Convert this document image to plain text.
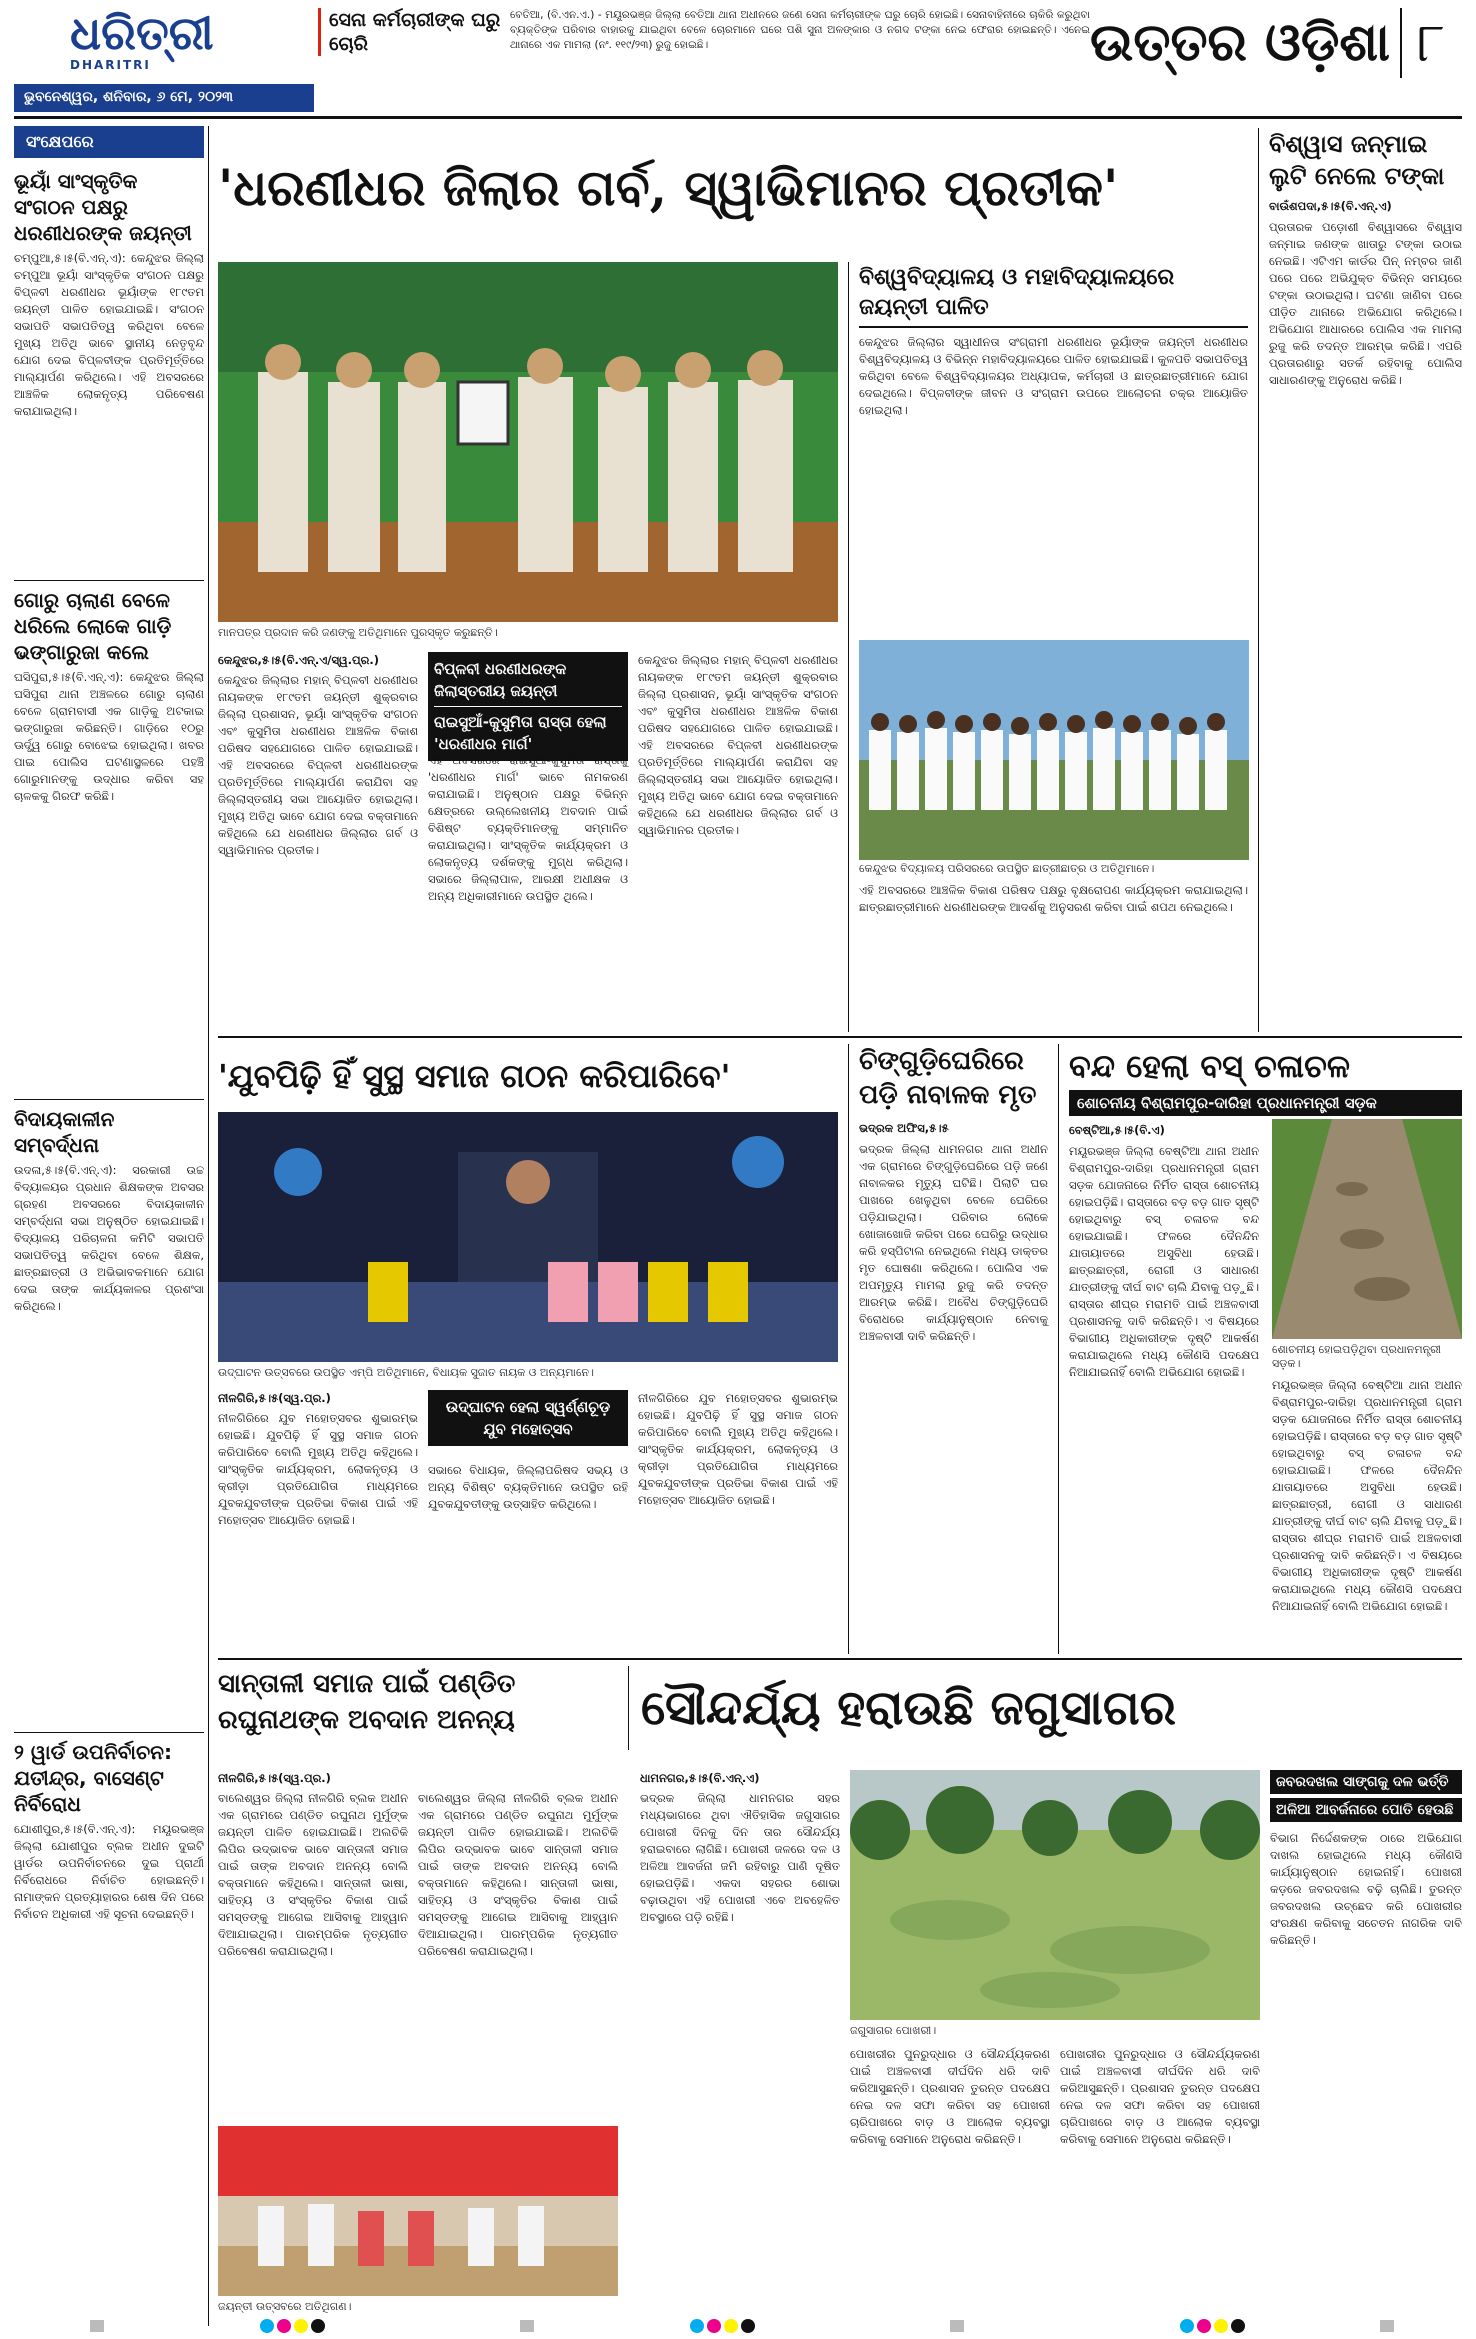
ଧରିତ୍ରୀ
DHARITRI
ଭୁବନେଶ୍ୱର, ଶନିବାର, ୬ ମେ, ୨୦୨୩
ସେନା କର୍ମଚାରୀଙ୍କ ଘରୁ ଚୋରି
ବେତିଆ, (ବି.ଏନ.ଏ.) - ମୟୂରଭଞ୍ଜ ଜିଲ୍ଲା ବେତିଆ ଥାନା ଅଧୀନରେ ଜଣେ ସେନା କର୍ମଚାରୀଙ୍କ ଘରୁ ଚୋରି ହୋଇଛି। ସେନାବାହିନୀରେ ଚାକିରି କରୁଥିବା ବ୍ୟକ୍ତିଙ୍କ ପରିବାର ବାହାରକୁ ଯାଇଥିବା ବେଳେ ଚୋରମାନେ ଘରେ ପଶି ସୁନା ଅଳଙ୍କାର ଓ ନଗଦ ଟଙ୍କା ନେଇ ଫେରାର ହୋଇଛନ୍ତି। ଏନେଇ ଥାନାରେ ଏକ ମାମଲା (ନଂ. ୧୧୯/୨୩) ରୁଜୁ ହୋଇଛି।	ଉତ୍ତର ଓଡ଼ିଶା ୮
ସଂକ୍ଷେପରେ
ଭୂୟାଁ ସାଂସ୍କୃତିକ ସଂଗଠନ ପକ୍ଷରୁ ଧରଣୀଧରଙ୍କ ଜୟନ୍ତୀ
ଚମ୍ପୁଆ,୫।୫(ବି.ଏନ୍.ଏ): କେନ୍ଦୁଝର ଜିଲ୍ଲା ଚମ୍ପୁଆ ଭୂୟାଁ ସାଂସ୍କୃତିକ ସଂଗଠନ ପକ୍ଷରୁ ବିପ୍ଳବୀ ଧରଣୀଧର ଭୂୟାଁଙ୍କ ୧୮୯ତମ ଜୟନ୍ତୀ ପାଳିତ ହୋଇଯାଇଛି। ସଂଗଠନ ସଭାପତି ସଭାପତିତ୍ୱ କରିଥିବା ବେଳେ ମୁଖ୍ୟ ଅତିଥି ଭାବେ ସ୍ଥାନୀୟ ନେତୃବୃନ୍ଦ ଯୋଗ ଦେଇ ବିପ୍ଳବୀଙ୍କ ପ୍ରତିମୂର୍ତ୍ତିରେ ମାଲ୍ୟାର୍ପଣ କରିଥିଲେ। ଏହି ଅବସରରେ ଆଞ୍ଚଳିକ ଲୋକନୃତ୍ୟ ପରିବେଷଣ କରାଯାଇଥିଲା।
ଗୋରୁ ଚାଲାଣ ବେଳେ ଧରିଲେ ଲୋକେ ଗାଡ଼ି ଭଙ୍ଗାରୁଜା କଲେ
ଘସିପୁରା,୫।୫(ବି.ଏନ୍.ଏ): କେନ୍ଦୁଝର ଜିଲ୍ଲା ଘସିପୁରା ଥାନା ଅଞ୍ଚଳରେ ଗୋରୁ ଚାଲାଣ ବେଳେ ଗ୍ରାମବାସୀ ଏକ ଗାଡ଼ିକୁ ଅଟକାଇ ଭଙ୍ଗାରୁଜା କରିଛନ୍ତି। ଗାଡ଼ିରେ ୧୦ରୁ ଊର୍ଦ୍ଧ୍ୱ ଗୋରୁ ବୋଝେଇ ହୋଇଥିଲା। ଖବର ପାଇ ପୋଲିସ ଘଟଣାସ୍ଥଳରେ ପହଞ୍ଚି ଗୋରୁମାନଙ୍କୁ ଉଦ୍ଧାର କରିବା ସହ ଚାଳକକୁ ଗିରଫ କରିଛି।
ବିଦାୟକାଳୀନ ସମ୍ବର୍ଦ୍ଧନା
ଉଦଳା,୫।୫(ବି.ଏନ୍.ଏ): ସରକାରୀ ଉଚ୍ଚ ବିଦ୍ୟାଳୟର ପ୍ରଧାନ ଶିକ୍ଷକଙ୍କ ଅବସର ଗ୍ରହଣ ଅବସରରେ ବିଦାୟକାଳୀନ ସମ୍ବର୍ଦ୍ଧନା ସଭା ଅନୁଷ୍ଠିତ ହୋଇଯାଇଛି। ବିଦ୍ୟାଳୟ ପରିଚାଳନା କମିଟି ସଭାପତି ସଭାପତିତ୍ୱ କରିଥିବା ବେଳେ ଶିକ୍ଷକ, ଛାତ୍ରଛାତ୍ରୀ ଓ ଅଭିଭାବକମାନେ ଯୋଗ ଦେଇ ତାଙ୍କ କାର୍ଯ୍ୟକାଳର ପ୍ରଶଂସା କରିଥିଲେ।
୨ ୱାର୍ଡ ଉପନିର୍ବାଚନ: ଯତୀନ୍ଦ୍ର, ବାସେଣ୍ଟ ନିର୍ବିରୋଧ
ଯୋଶୀପୁର,୫।୫(ବି.ଏନ୍.ଏ): ମୟୂରଭଞ୍ଜ ଜିଲ୍ଲା ଯୋଶୀପୁର ବ୍ଲକ ଅଧୀନ ଦୁଇଟି ୱାର୍ଡର ଉପନିର୍ବାଚନରେ ଦୁଇ ପ୍ରାର୍ଥୀ ନିର୍ବିରୋଧରେ ନିର୍ବାଚିତ ହୋଇଛନ୍ତି। ନାମାଙ୍କନ ପ୍ରତ୍ୟାହାରର ଶେଷ ଦିନ ପରେ ନିର୍ବାଚନ ଅଧିକାରୀ ଏହି ସୂଚନା ଦେଇଛନ୍ତି।
'ଧରଣୀଧର ଜିଲାର ଗର୍ବ, ସ୍ୱାଭିମାନର ପ୍ରତୀକ'
ମାନପତ୍ର ପ୍ରଦାନ କରି ଜଣଙ୍କୁ ଅତିଥିମାନେ ପୁରସ୍କୃତ କରୁଛନ୍ତି।
କେନ୍ଦୁଝର,୫।୫(ବି.ଏନ୍.ଏ/ସ୍ୱ.ପ୍ର.)
କେନ୍ଦୁଝର ଜିଲ୍ଲାର ମହାନ୍ ବିପ୍ଳବୀ ଧରଣୀଧର ନାୟକଙ୍କ ୧୮୯ତମ ଜୟନ୍ତୀ ଶୁକ୍ରବାର ଜିଲ୍ଲା ପ୍ରଶାସନ, ଭୂୟାଁ ସାଂସ୍କୃତିକ ସଂଗଠନ ଏବଂ କୁସୁମିତା ଧରଣୀଧର ଆଞ୍ଚଳିକ ବିକାଶ ପରିଷଦ ସହଯୋଗରେ ପାଳିତ ହୋଇଯାଇଛି। ଏହି ଅବସରରେ ବିପ୍ଳବୀ ଧରଣୀଧରଙ୍କ ପ୍ରତିମୂର୍ତ୍ତିରେ ମାଲ୍ୟାର୍ପଣ କରାଯିବା ସହ ଜିଲ୍ଲାସ୍ତରୀୟ ସଭା ଆୟୋଜିତ ହୋଇଥିଲା। ମୁଖ୍ୟ ଅତିଥି ଭାବେ ଯୋଗ ଦେଇ ବକ୍ତାମାନେ କହିଥିଲେ ଯେ ଧରଣୀଧର ଜିଲ୍ଲାର ଗର୍ବ ଓ ସ୍ୱାଭିମାନର ପ୍ରତୀକ।
ବିପ୍ଳବୀ ଧରଣୀଧରଙ୍କ ଜିଲାସ୍ତରୀୟ ଜୟନ୍ତୀ
ରାଇସୁଆଁ-କୁସୁମିତା ରାସ୍ତା ହେଲା 'ଧରଣୀଧର ମାର୍ଗ'
ଏହି ଅବସରରେ ରାଇସୁଆଁ-କୁସୁମିତା ରାସ୍ତାକୁ 'ଧରଣୀଧର ମାର୍ଗ' ଭାବେ ନାମକରଣ କରାଯାଇଛି। ଅନୁଷ୍ଠାନ ପକ୍ଷରୁ ବିଭିନ୍ନ କ୍ଷେତ୍ରରେ ଉଲ୍ଲେଖନୀୟ ଅବଦାନ ପାଇଁ ବିଶିଷ୍ଟ ବ୍ୟକ୍ତିମାନଙ୍କୁ ସମ୍ମାନିତ କରାଯାଇଥିଲା। ସାଂସ୍କୃତିକ କାର୍ଯ୍ୟକ୍ରମ ଓ ଲୋକନୃତ୍ୟ ଦର୍ଶକଙ୍କୁ ମୁଗ୍ଧ କରିଥିଲା। ସଭାରେ ଜିଲ୍ଲାପାଳ, ଆରକ୍ଷୀ ଅଧୀକ୍ଷକ ଓ ଅନ୍ୟ ଅଧିକାରୀମାନେ ଉପସ୍ଥିତ ଥିଲେ।
କେନ୍ଦୁଝର ଜିଲ୍ଲାର ମହାନ୍ ବିପ୍ଳବୀ ଧରଣୀଧର ନାୟକଙ୍କ ୧୮୯ତମ ଜୟନ୍ତୀ ଶୁକ୍ରବାର ଜିଲ୍ଲା ପ୍ରଶାସନ, ଭୂୟାଁ ସାଂସ୍କୃତିକ ସଂଗଠନ ଏବଂ କୁସୁମିତା ଧରଣୀଧର ଆଞ୍ଚଳିକ ବିକାଶ ପରିଷଦ ସହଯୋଗରେ ପାଳିତ ହୋଇଯାଇଛି। ଏହି ଅବସରରେ ବିପ୍ଳବୀ ଧରଣୀଧରଙ୍କ ପ୍ରତିମୂର୍ତ୍ତିରେ ମାଲ୍ୟାର୍ପଣ କରାଯିବା ସହ ଜିଲ୍ଲାସ୍ତରୀୟ ସଭା ଆୟୋଜିତ ହୋଇଥିଲା। ମୁଖ୍ୟ ଅତିଥି ଭାବେ ଯୋଗ ଦେଇ ବକ୍ତାମାନେ କହିଥିଲେ ଯେ ଧରଣୀଧର ଜିଲ୍ଲାର ଗର୍ବ ଓ ସ୍ୱାଭିମାନର ପ୍ରତୀକ।
ବିଶ୍ୱବିଦ୍ୟାଳୟ ଓ ମହାବିଦ୍ୟାଳୟରେ ଜୟନ୍ତୀ ପାଳିତ
କେନ୍ଦୁଝର ଜିଲ୍ଲାର ସ୍ୱାଧୀନତା ସଂଗ୍ରାମୀ ଧରଣୀଧର ଭୂୟାଁଙ୍କ ଜୟନ୍ତୀ ଧରଣୀଧର ବିଶ୍ୱବିଦ୍ୟାଳୟ ଓ ବିଭିନ୍ନ ମହାବିଦ୍ୟାଳୟରେ ପାଳିତ ହୋଇଯାଇଛି। କୁଳପତି ସଭାପତିତ୍ୱ କରିଥିବା ବେଳେ ବିଶ୍ୱବିଦ୍ୟାଳୟର ଅଧ୍ୟାପକ, କର୍ମଚାରୀ ଓ ଛାତ୍ରଛାତ୍ରୀମାନେ ଯୋଗ ଦେଇଥିଲେ। ବିପ୍ଳବୀଙ୍କ ଜୀବନ ଓ ସଂଗ୍ରାମ ଉପରେ ଆଲୋଚନା ଚକ୍ର ଆୟୋଜିତ ହୋଇଥିଲା।
କେନ୍ଦୁଝର ବିଦ୍ୟାଳୟ ପରିସରରେ ଉପସ୍ଥିତ ଛାତ୍ରୀଛାତ୍ର ଓ ଅତିଥିମାନେ।
ଏହି ଅବସରରେ ଆଞ୍ଚଳିକ ବିକାଶ ପରିଷଦ ପକ୍ଷରୁ ବୃକ୍ଷରୋପଣ କାର୍ଯ୍ୟକ୍ରମ କରାଯାଇଥିଲା। ଛାତ୍ରଛାତ୍ରୀମାନେ ଧରଣୀଧରଙ୍କ ଆଦର୍ଶକୁ ଅନୁସରଣ କରିବା ପାଇଁ ଶପଥ ନେଇଥିଲେ।
ବିଶ୍ୱାସ ଜନ୍ମାଇ ଲୁଟି ନେଲେ ଟଙ୍କା
ବାଉଁଶପଦା,୫।୫(ବି.ଏନ୍.ଏ)
ପ୍ରତାରକ ପଡ଼ୋଶୀ ବିଶ୍ୱାସରେ ବିଶ୍ୱାସ ଜନ୍ମାଇ ଜଣଙ୍କ ଖାତାରୁ ଟଙ୍କା ଉଠାଇ ନେଇଛି। ଏଟିଏମ କାର୍ଡର ପିନ୍ ନମ୍ବର ଜାଣି ପରେ ପରେ ଅଭିଯୁକ୍ତ ବିଭିନ୍ନ ସମୟରେ ଟଙ୍କା ଉଠାଇଥିଲା। ଘଟଣା ଜାଣିବା ପରେ ପୀଡ଼ିତ ଥାନାରେ ଅଭିଯୋଗ କରିଥିଲେ। ଅଭିଯୋଗ ଆଧାରରେ ପୋଲିସ ଏକ ମାମଲା ରୁଜୁ କରି ତଦନ୍ତ ଆରମ୍ଭ କରିଛି। ଏପରି ପ୍ରତାରଣାରୁ ସତର୍କ ରହିବାକୁ ପୋଲିସ ସାଧାରଣଙ୍କୁ ଅନୁରୋଧ କରିଛି।
'ଯୁବପିଢ଼ି ହିଁ ସୁସ୍ଥ ସମାଜ ଗଠନ କରିପାରିବେ'
ଉଦ୍‌ଘାଟନ ଉତ୍ସବରେ ଉପସ୍ଥିତ ଏମ୍‌ପି ଅତିଥିମାନେ, ବିଧାୟକ ସୁଜାତ ନାୟକ ଓ ଅନ୍ୟମାନେ।
ନୀଳଗିରି,୫।୫(ସ୍ୱ.ପ୍ର.)
ନୀଳଗିରିରେ ଯୁବ ମହୋତ୍ସବର ଶୁଭାରମ୍ଭ ହୋଇଛି। ଯୁବପିଢ଼ି ହିଁ ସୁସ୍ଥ ସମାଜ ଗଠନ କରିପାରିବେ ବୋଲି ମୁଖ୍ୟ ଅତିଥି କହିଥିଲେ। ସାଂସ୍କୃତିକ କାର୍ଯ୍ୟକ୍ରମ, ଲୋକନୃତ୍ୟ ଓ କ୍ରୀଡ଼ା ପ୍ରତିଯୋଗିତା ମାଧ୍ୟମରେ ଯୁବକଯୁବତୀଙ୍କ ପ୍ରତିଭା ବିକାଶ ପାଇଁ ଏହି ମହୋତ୍ସବ ଆୟୋଜିତ ହୋଇଛି।
ଉଦ୍‌ଘାଟନ ହେଲା ସ୍ୱର୍ଣ୍ଣଚୂଡ଼
ଯୁବ ମହୋତ୍ସବ
ସଭାରେ ବିଧାୟକ, ଜିଲ୍ଲାପରିଷଦ ସଭ୍ୟ ଓ ଅନ୍ୟ ବିଶିଷ୍ଟ ବ୍ୟକ୍ତିମାନେ ଉପସ୍ଥିତ ରହି ଯୁବକଯୁବତୀଙ୍କୁ ଉତ୍ସାହିତ କରିଥିଲେ।
ନୀଳଗିରିରେ ଯୁବ ମହୋତ୍ସବର ଶୁଭାରମ୍ଭ ହୋଇଛି। ଯୁବପିଢ଼ି ହିଁ ସୁସ୍ଥ ସମାଜ ଗଠନ କରିପାରିବେ ବୋଲି ମୁଖ୍ୟ ଅତିଥି କହିଥିଲେ। ସାଂସ୍କୃତିକ କାର୍ଯ୍ୟକ୍ରମ, ଲୋକନୃତ୍ୟ ଓ କ୍ରୀଡ଼ା ପ୍ରତିଯୋଗିତା ମାଧ୍ୟମରେ ଯୁବକଯୁବତୀଙ୍କ ପ୍ରତିଭା ବିକାଶ ପାଇଁ ଏହି ମହୋତ୍ସବ ଆୟୋଜିତ ହୋଇଛି।
ଚିଙ୍ଗୁଡ଼ିଘେରିରେ ପଡ଼ି ନାବାଳକ ମୃତ
ଭଦ୍ରକ ଅଫିସ,୫।୫
ଭଦ୍ରକ ଜିଲ୍ଲା ଧାମନଗର ଥାନା ଅଧୀନ ଏକ ଗ୍ରାମରେ ଚିଙ୍ଗୁଡ଼ିଘେରିରେ ପଡ଼ି ଜଣେ ନାବାଳକର ମୃତ୍ୟୁ ଘଟିଛି। ପିଲାଟି ଘର ପାଖରେ ଖେଳୁଥିବା ବେଳେ ଘେରିରେ ପଡ଼ିଯାଇଥିଲା। ପରିବାର ଲୋକେ ଖୋଜାଖୋଜି କରିବା ପରେ ଘେରିରୁ ଉଦ୍ଧାର କରି ହସ୍ପିଟାଲ ନେଇଥିଲେ ମଧ୍ୟ ଡାକ୍ତର ମୃତ ଘୋଷଣା କରିଥିଲେ। ପୋଲିସ ଏକ ଅପମୃତ୍ୟୁ ମାମଲା ରୁଜୁ କରି ତଦନ୍ତ ଆରମ୍ଭ କରିଛି। ଅବୈଧ ଚିଙ୍ଗୁଡ଼ିଘେରି ବିରୋଧରେ କାର୍ଯ୍ୟାନୁଷ୍ଠାନ ନେବାକୁ ଅଞ୍ଚଳବାସୀ ଦାବି କରିଛନ୍ତି।
ବନ୍ଦ ହେଲା ବସ୍ ଚଳାଚଳ
ଶୋଚନୀୟ ବିଶ୍ରାମପୁର-ଦାରିହା ପ୍ରଧାନମନ୍ତ୍ରୀ ସଡ଼କ
ବେଷ୍ଟିଆ,୫।୫(ବି.ଏ)
ମୟୂରଭଞ୍ଜ ଜିଲ୍ଲା ବେଷ୍ଟିଆ ଥାନା ଅଧୀନ ବିଶ୍ରାମପୁର-ଦାରିହା ପ୍ରଧାନମନ୍ତ୍ରୀ ଗ୍ରାମ ସଡ଼କ ଯୋଜନାରେ ନିର୍ମିତ ରାସ୍ତା ଶୋଚନୀୟ ହୋଇପଡ଼ିଛି। ରାସ୍ତାରେ ବଡ଼ ବଡ଼ ଗାତ ସୃଷ୍ଟି ହୋଇଥିବାରୁ ବସ୍ ଚଳାଚଳ ବନ୍ଦ ହୋଇଯାଇଛି। ଫଳରେ ଦୈନନ୍ଦିନ ଯାତାୟାତରେ ଅସୁବିଧା ହେଉଛି। ଛାତ୍ରଛାତ୍ରୀ, ରୋଗୀ ଓ ସାଧାରଣ ଯାତ୍ରୀଙ୍କୁ ଦୀର୍ଘ ବାଟ ଚାଲି ଯିବାକୁ ପଡ଼ୁଛି। ରାସ୍ତାର ଶୀଘ୍ର ମରାମତି ପାଇଁ ଅଞ୍ଚଳବାସୀ ପ୍ରଶାସନକୁ ଦାବି କରିଛନ୍ତି। ଏ ବିଷୟରେ ବିଭାଗୀୟ ଅଧିକାରୀଙ୍କ ଦୃଷ୍ଟି ଆକର୍ଷଣ କରାଯାଇଥିଲେ ମଧ୍ୟ କୌଣସି ପଦକ୍ଷେପ ନିଆଯାଇନାହିଁ ବୋଲି ଅଭିଯୋଗ ହୋଇଛି।
ଶୋଚନୀୟ ହୋଇପଡ଼ିଥିବା ପ୍ରଧାନମନ୍ତ୍ରୀ ସଡ଼କ।
ମୟୂରଭଞ୍ଜ ଜିଲ୍ଲା ବେଷ୍ଟିଆ ଥାନା ଅଧୀନ ବିଶ୍ରାମପୁର-ଦାରିହା ପ୍ରଧାନମନ୍ତ୍ରୀ ଗ୍ରାମ ସଡ଼କ ଯୋଜନାରେ ନିର୍ମିତ ରାସ୍ତା ଶୋଚନୀୟ ହୋଇପଡ଼ିଛି। ରାସ୍ତାରେ ବଡ଼ ବଡ଼ ଗାତ ସୃଷ୍ଟି ହୋଇଥିବାରୁ ବସ୍ ଚଳାଚଳ ବନ୍ଦ ହୋଇଯାଇଛି। ଫଳରେ ଦୈନନ୍ଦିନ ଯାତାୟାତରେ ଅସୁବିଧା ହେଉଛି। ଛାତ୍ରଛାତ୍ରୀ, ରୋଗୀ ଓ ସାଧାରଣ ଯାତ୍ରୀଙ୍କୁ ଦୀର୍ଘ ବାଟ ଚାଲି ଯିବାକୁ ପଡ଼ୁଛି। ରାସ୍ତାର ଶୀଘ୍ର ମରାମତି ପାଇଁ ଅଞ୍ଚଳବାସୀ ପ୍ରଶାସନକୁ ଦାବି କରିଛନ୍ତି। ଏ ବିଷୟରେ ବିଭାଗୀୟ ଅଧିକାରୀଙ୍କ ଦୃଷ୍ଟି ଆକର୍ଷଣ କରାଯାଇଥିଲେ ମଧ୍ୟ କୌଣସି ପଦକ୍ଷେପ ନିଆଯାଇନାହିଁ ବୋଲି ଅଭିଯୋଗ ହୋଇଛି।
ସାନ୍ତାଳୀ ସମାଜ ପାଇଁ ପଣ୍ଡିତ ରଘୁନାଥଙ୍କ ଅବଦାନ ଅନନ୍ୟ
ନୀଳଗିରି,୫।୫(ସ୍ୱ.ପ୍ର.)
ବାଲେଶ୍ୱର ଜିଲ୍ଲା ନୀଳଗିରି ବ୍ଲକ ଅଧୀନ ଏକ ଗ୍ରାମରେ ପଣ୍ଡିତ ରଘୁନାଥ ମୁର୍ମୁଙ୍କ ଜୟନ୍ତୀ ପାଳିତ ହୋଇଯାଇଛି। ଅଲଚିକି ଲିପିର ଉଦ୍ଭାବକ ଭାବେ ସାନ୍ତାଳୀ ସମାଜ ପାଇଁ ତାଙ୍କ ଅବଦାନ ଅନନ୍ୟ ବୋଲି ବକ୍ତାମାନେ କହିଥିଲେ। ସାନ୍ତାଳୀ ଭାଷା, ସାହିତ୍ୟ ଓ ସଂସ୍କୃତିର ବିକାଶ ପାଇଁ ସମସ୍ତଙ୍କୁ ଆଗେଇ ଆସିବାକୁ ଆହ୍ୱାନ ଦିଆଯାଇଥିଲା। ପାରମ୍ପରିକ ନୃତ୍ୟଗୀତ ପରିବେଷଣ କରାଯାଇଥିଲା।
ବାଲେଶ୍ୱର ଜିଲ୍ଲା ନୀଳଗିରି ବ୍ଲକ ଅଧୀନ ଏକ ଗ୍ରାମରେ ପଣ୍ଡିତ ରଘୁନାଥ ମୁର୍ମୁଙ୍କ ଜୟନ୍ତୀ ପାଳିତ ହୋଇଯାଇଛି। ଅଲଚିକି ଲିପିର ଉଦ୍ଭାବକ ଭାବେ ସାନ୍ତାଳୀ ସମାଜ ପାଇଁ ତାଙ୍କ ଅବଦାନ ଅନନ୍ୟ ବୋଲି ବକ୍ତାମାନେ କହିଥିଲେ। ସାନ୍ତାଳୀ ଭାଷା, ସାହିତ୍ୟ ଓ ସଂସ୍କୃତିର ବିକାଶ ପାଇଁ ସମସ୍ତଙ୍କୁ ଆଗେଇ ଆସିବାକୁ ଆହ୍ୱାନ ଦିଆଯାଇଥିଲା। ପାରମ୍ପରିକ ନୃତ୍ୟଗୀତ ପରିବେଷଣ କରାଯାଇଥିଲା।
ଜୟନ୍ତୀ ଉତ୍ସବରେ ଅତିଥିଗଣ।
ସୌନ୍ଦର୍ଯ୍ୟ ହରାଉଛି ଜଗୁସାଗର
ଧାମନଗର,୫।୫(ବି.ଏନ୍.ଏ)
ଭଦ୍ରକ ଜିଲ୍ଲା ଧାମନଗର ସହର ମଧ୍ୟଭାଗରେ ଥିବା ଐତିହାସିକ ଜଗୁସାଗର ପୋଖରୀ ଦିନକୁ ଦିନ ତାର ସୌନ୍ଦର୍ଯ୍ୟ ହରାଇବାରେ ଲାଗିଛି। ପୋଖରୀ ଜଳରେ ଦଳ ଓ ଅଳିଆ ଆବର୍ଜନା ଜମି ରହିବାରୁ ପାଣି ଦୂଷିତ ହୋଇପଡ଼ିଛି। ଏକଦା ସହରର ଶୋଭା ବଢ଼ାଉଥିବା ଏହି ପୋଖରୀ ଏବେ ଅବହେଳିତ ଅବସ୍ଥାରେ ପଡ଼ି ରହିଛି।
ଜଗୁସାଗର ପୋଖରୀ।
ପୋଖରୀର ପୁନରୁଦ୍ଧାର ଓ ସୌନ୍ଦର୍ଯ୍ୟକରଣ ପାଇଁ ଅଞ୍ଚଳବାସୀ ଦୀର୍ଘଦିନ ଧରି ଦାବି କରିଆସୁଛନ୍ତି। ପ୍ରଶାସନ ତୁରନ୍ତ ପଦକ୍ଷେପ ନେଇ ଦଳ ସଫା କରିବା ସହ ପୋଖରୀ ଚାରିପାଖରେ ବାଡ଼ ଓ ଆଲୋକ ବ୍ୟବସ୍ଥା କରିବାକୁ ସେମାନେ ଅନୁରୋଧ କରିଛନ୍ତି।
ପୋଖରୀର ପୁନରୁଦ୍ଧାର ଓ ସୌନ୍ଦର୍ଯ୍ୟକରଣ ପାଇଁ ଅଞ୍ଚଳବାସୀ ଦୀର୍ଘଦିନ ଧରି ଦାବି କରିଆସୁଛନ୍ତି। ପ୍ରଶାସନ ତୁରନ୍ତ ପଦକ୍ଷେପ ନେଇ ଦଳ ସଫା କରିବା ସହ ପୋଖରୀ ଚାରିପାଖରେ ବାଡ଼ ଓ ଆଲୋକ ବ୍ୟବସ୍ଥା କରିବାକୁ ସେମାନେ ଅନୁରୋଧ କରିଛନ୍ତି।
ଜବରଦଖଲ ସାଙ୍ଗକୁ ଦଳ ଭର୍ତ୍ତି
ଅଳିଆ ଆବର୍ଜନାରେ ପୋତି ହେଉଛି
ବିଭାଗ ନିର୍ଦ୍ଦେଶକଙ୍କ ଠାରେ ଅଭିଯୋଗ ଦାଖଲ ହୋଇଥିଲେ ମଧ୍ୟ କୌଣସି କାର୍ଯ୍ୟାନୁଷ୍ଠାନ ହୋଇନାହିଁ। ପୋଖରୀ କଡ଼ରେ ଜବରଦଖଲ ବଢ଼ି ଚାଲିଛି। ତୁରନ୍ତ ଜବରଦଖଲ ଉଚ୍ଛେଦ କରି ପୋଖରୀର ସଂରକ୍ଷଣ କରିବାକୁ ସଚେତନ ନାଗରିକ ଦାବି କରିଛନ୍ତି।
